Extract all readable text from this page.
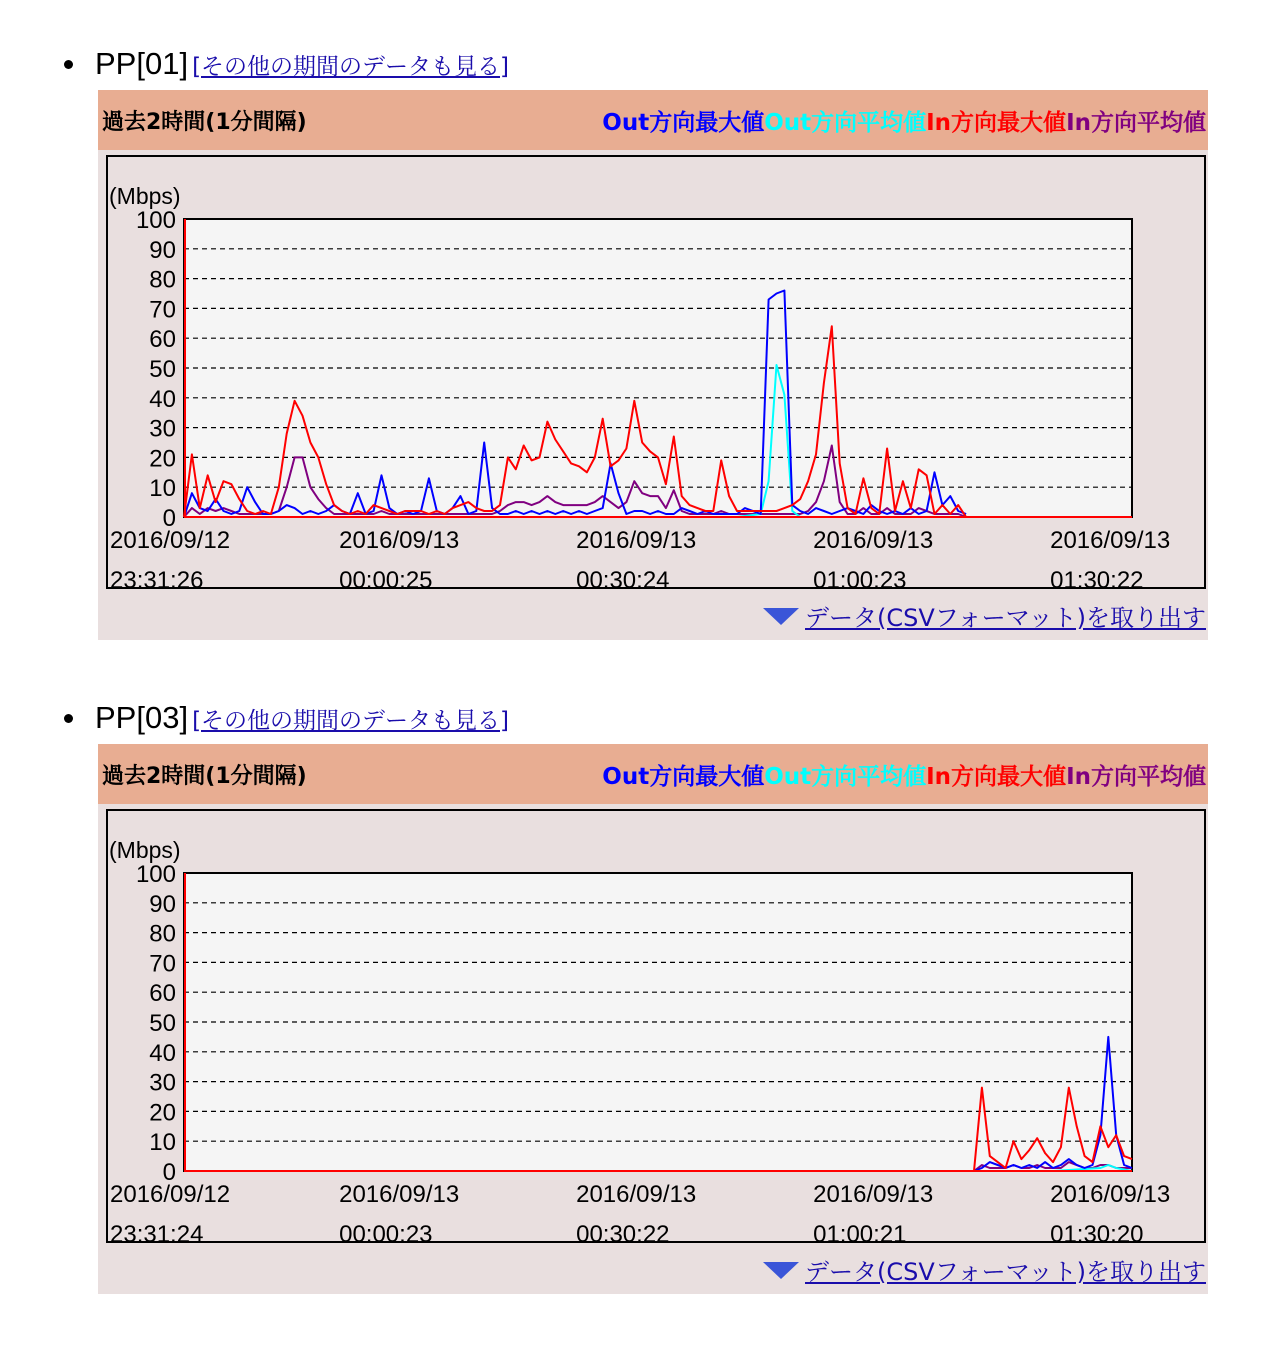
PP[01] [その他の期間のデータも見る]
過去2時間(1分間隔)	Out方向最大値 Out方向平均値 In方向最大値 In方向平均値
(Mbps)
0
10
20
30
40
50
60
70
80
90
100
2016/09/12
23:31:26
2016/09/13
00:00:25
2016/09/13
00:30:24
2016/09/13
01:00:23
2016/09/13
01:30:22
データ(CSVフォーマット)を取り出す
PP[03] [その他の期間のデータも見る]
過去2時間(1分間隔)	Out方向最大値 Out方向平均値 In方向最大値 In方向平均値
(Mbps)
0
10
20
30
40
50
60
70
80
90
100
2016/09/12
23:31:24
2016/09/13
00:00:23
2016/09/13
00:30:22
2016/09/13
01:00:21
2016/09/13
01:30:20
データ(CSVフォーマット)を取り出す
